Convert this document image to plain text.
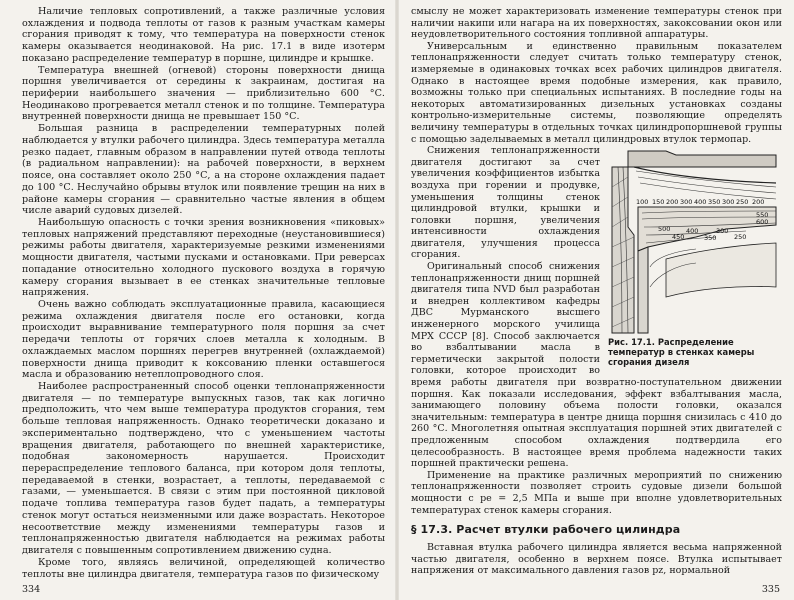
Наличие тепловых сопротивлений, а также различные условия охлаждения и подвода теплоты от газов к разным участкам камеры сгорания приводят к тому, что температура на поверхности стенок камеры оказывается неодинаковой. На рис. 17.1 в виде изотерм показано распределение температур в поршне, цилиндре и крышке.

Температура внешней (огневой) стороны поверхности днища поршня увеличивается от середины к закраинам, достигая на периферии наибольшего значения — приблизительно 600 °С. Неодинаково прогревается металл стенок и по толщине. Температура внутренней поверхности днища не превышает 150 °С.

Большая разница в распределении температурных полей наблюдается у втулки рабочего цилиндра. Здесь температура металла резко падает, главным образом в направлении путей отвода теплоты (в радиальном направлении): на рабочей поверхности, в верхнем поясе, она составляет около 250 °С, а на стороне охлаждения падает до 100 °С. Неслучайно обрывы втулок или появление трещин на них в районе камеры сгорания — сравнительно частые явления в общем числе аварий судовых дизелей.

Наибольшую опасность с точки зрения возникновения «пиковых» тепловых напряжений представляют переходные (неустановившиеся) режимы работы двигателя, характеризуемые резкими изменениями мощности двигателя, частыми пусками и остановками. При реверсах попадание относительно холодного пускового воздуха в горячую камеру сгорания вызывает в ее стенках значительные тепловые напряжения.

Очень важно соблюдать эксплуатационные правила, касающиеся режима охлаждения двигателя после его остановки, когда происходит выравнивание температурного поля поршня за счет передачи теплоты от горячих слоев металла к холодным. В охлаждаемых маслом поршнях перегрев внутренней (охлаждаемой) поверхности днища приводит к коксованию пленки оставшегося масла и образованию нетеплопроводного слоя.

Наиболее распространенный способ оценки теплонапряженности двигателя — по температуре выпускных газов, так как логично предположить, что чем выше температура продуктов сгорания, тем больше тепловая напряженность. Однако теоретически доказано и экспериментально подтверждено, что с уменьшением частоты вращения двигателя, работающего по внешней характеристике, подобная закономерность нарушается. Происходит перераспределение теплового баланса, при котором доля теплоты, передаваемой в стенки, возрастает, а теплоты, передаваемой с газами, — уменьшается. В связи с этим при постоянной цикловой подаче топлива температура газов будет падать, а температуры стенок могут остаться неизменными или даже возрастать. Некоторое несоответствие между изменениями температуры газов и теплонапряженностью двигателя наблюдается на режимах работы двигателя с повышенным сопротивлением движению судна.

Кроме того, являясь величиной, определяющей количество теплоты вне цилиндра двигателя, температура газов по физическому

334

смыслу не может характеризовать изменение температуры стенок при наличии накипи или нагара на их поверхностях, закоксовании окон или неудовлетворительного состояния топливной аппаратуры.

Универсальным и единственно правильным показателем теплонапряженности следует считать только температуру стенок, измеряемые в одинаковых точках всех рабочих цилиндров двигателя. Однако в настоящее время подобные измерения, как правило, возможны только при специальных испытаниях. В последние годы на некоторых автоматизированных дизельных установках созданы контрольно-измерительные системы, позволяющие определять величину температуры в отдельных точках цилиндропоршневой группы с помощью заделываемых в металл цилиндровых втулок термопар.

100 150 200 300 400 350 300 250 200
250
300
350
400
450
500
550
600
Рис. 17.1. Распределение температур в стенках камеры сгорания дизеля

Снижения теплонапряженности двигателя достигают за счет увеличения коэффициентов избытка воздуха при горении и продувке, уменьшения толщины стенок цилиндровой втулки, крышки и головки поршня, увеличения интенсивности охлаждения двигателя, улучшения процесса сгорания.

Оригинальный способ снижения теплонапряженности днищ поршней двигателя типа NVD был разработан и внедрен коллективом кафедры ДВС Мурманского высшего инженерного морского училища МРХ СССР [8]. Способ заключается во взбалтывании масла в герметически закрытой полости головки, которое происходит во время работы двигателя при возвратно-поступательном движении поршня. Как показали исследования, эффект взбалтывания масла, занимающего половину объема полости головки, оказался значительным: температура в центре днища поршня снизилась с 410 до 260 °С. Многолетняя опытная эксплуатация поршней этих двигателей с предложенным способом охлаждения подтвердила его целесообразность. В настоящее время проблема надежности таких поршней практически решена.

Применение на практике различных мероприятий по снижению теплонапряженности позволяет строить судовые дизели большой мощности с pe = 2,5 МПа и выше при вполне удовлетворительных температурах стенок камеры сгорания.

§ 17.3. Расчет втулки рабочего цилиндра

Вставная втулка рабочего цилиндра является весьма напряженной частью двигателя, особенно в верхнем поясе. Втулка испытывает напряжения от максимального давления газов pz, нормальной

335
